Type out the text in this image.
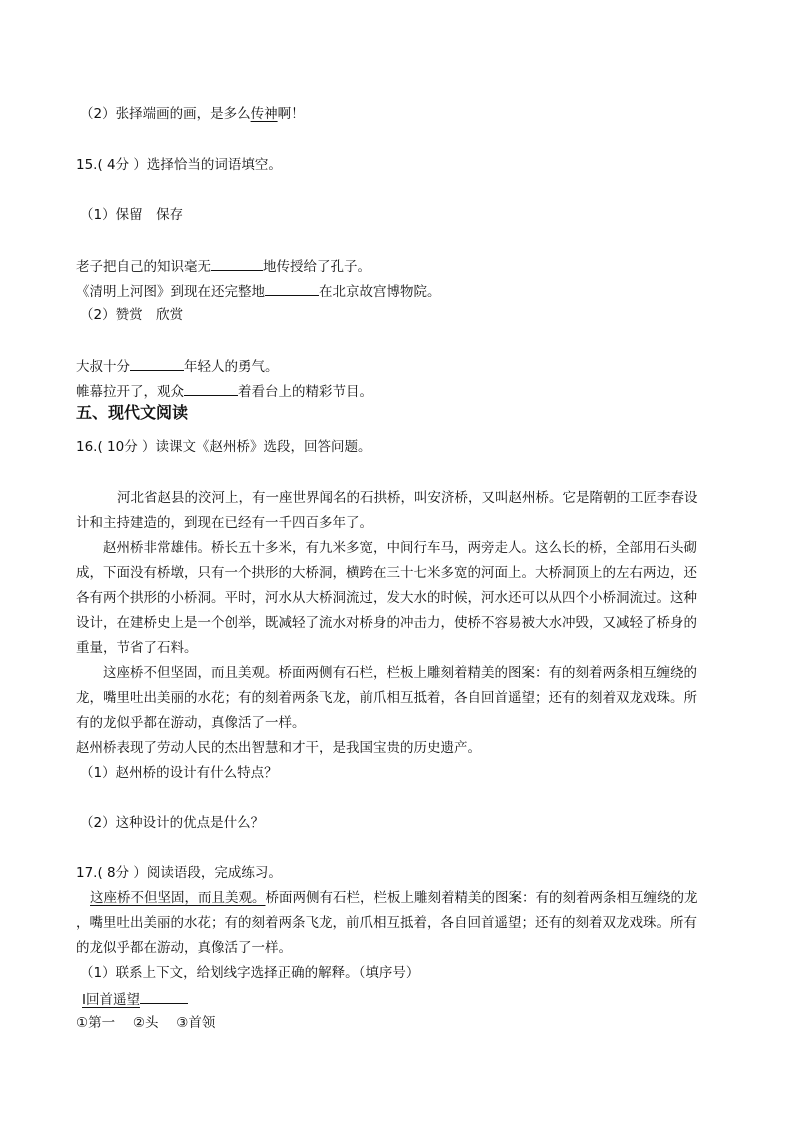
（2）张择端画的画，是多么传神啊！
15.( 4分 ）选择恰当的词语填空。
（1）保留　保存
老子把自己的知识毫无	地传授给了孔子。
《清明上河图》到现在还完整地	在北京故宫博物院。
（2）赞赏　欣赏
大叔十分	年轻人的勇气。
帷幕拉开了，观众	着看台上的精彩节目。
五、现代文阅读
16.( 10分 ）读课文《赵州桥》选段，回答问题。
河北省赵县的洨河上，有一座世界闻名的石拱桥，叫安济桥，又叫赵州桥。它是隋朝的工匠李春设
计和主持建造的，到现在已经有一千四百多年了。
赵州桥非常雄伟。桥长五十多米，有九米多宽，中间行车马，两旁走人。这么长的桥，全部用石头砌
成，下面没有桥墩，只有一个拱形的大桥洞，横跨在三十七米多宽的河面上。大桥洞顶上的左右两边，还
各有两个拱形的小桥洞。平时，河水从大桥洞流过，发大水的时候，河水还可以从四个小桥洞流过。这种
设计，在建桥史上是一个创举，既减轻了流水对桥身的冲击力，使桥不容易被大水冲毁，又减轻了桥身的
重量，节省了石料。
这座桥不但坚固，而且美观。桥面两侧有石栏，栏板上雕刻着精美的图案：有的刻着两条相互缠绕的
龙，嘴里吐出美丽的水花；有的刻着两条飞龙，前爪相互抵着，各自回首遥望；还有的刻着双龙戏珠。所
有的龙似乎都在游动，真像活了一样。
赵州桥表现了劳动人民的杰出智慧和才干，是我国宝贵的历史遗产。
（1）赵州桥的设计有什么特点？
（2）这种设计的优点是什么？
17.( 8分 ）阅读语段，完成练习。
这座桥不但坚固，而且美观。桥面两侧有石栏，栏板上雕刻着精美的图案：有的刻着两条相互缠绕的龙
，嘴里吐出美丽的水花；有的刻着两条飞龙，前爪相互抵着，各自回首遥望；还有的刻着双龙戏珠。所有
的龙似乎都在游动，真像活了一样。
（1）联系上下文，给划线字选择正确的解释。（填序号）
Ⅰ回首遥望
①第一　 ②头　 ③首领
